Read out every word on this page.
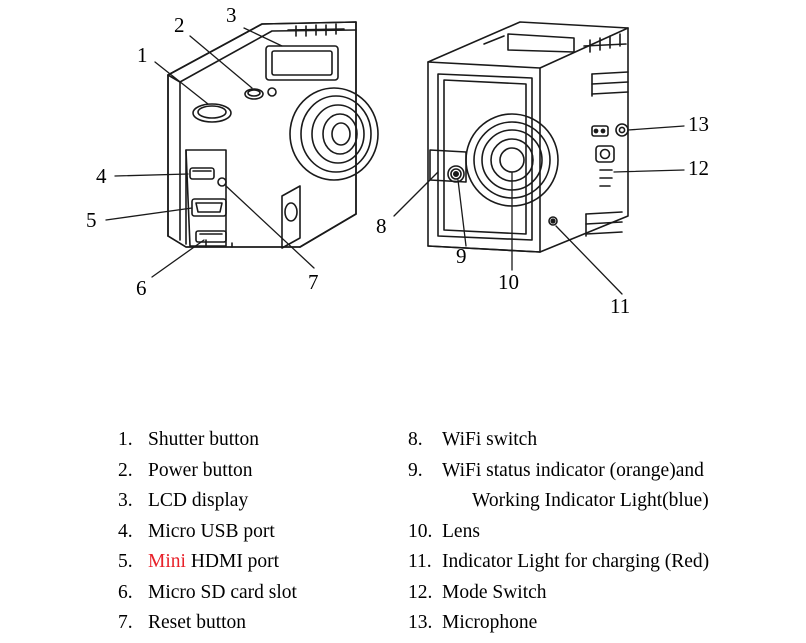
1
2 3
4
5
6	7
8
9
10
11
12
13
1. Shutter button
2. Power button
3. LCD display
4. Micro USB port
5. Mini HDMI port
6. Micro SD card slot
7. Reset button
8. WiFi switch
9. WiFi status indicator (orange)and
Working Indicator Light(blue)
10. Lens
11. Indicator Light for charging (Red)
12. Mode Switch
13. Microphone
